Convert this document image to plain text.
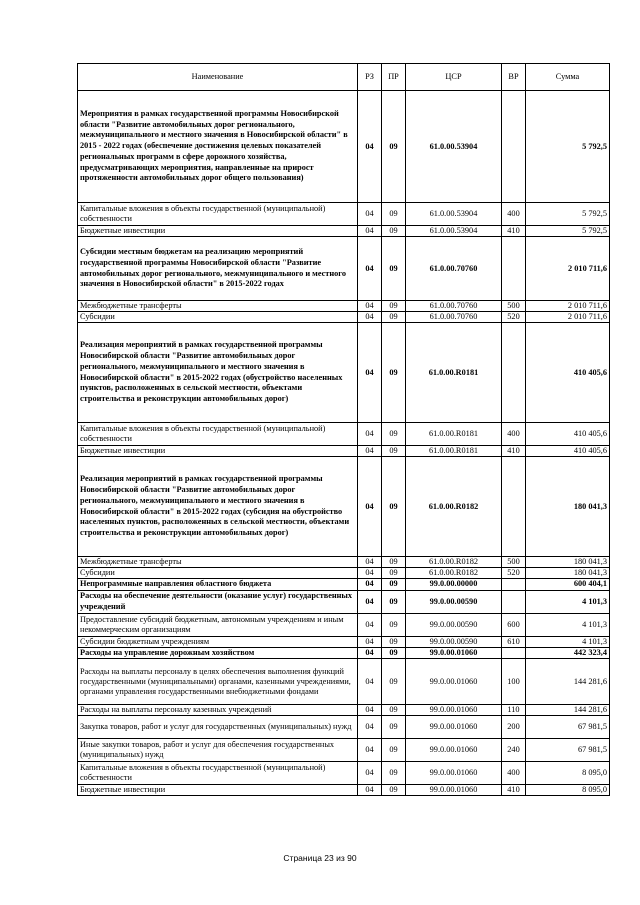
Наименование	РЗ	ПР	ЦСР	ВР	Сумма
Мероприятия в рамках государственной программы Новосибирской области "Развитие автомобильных дорог регионального, межмуниципального и местного значения в Новосибирской области" в 2015 - 2022 годах (обеспечение достижения целевых показателей региональных программ в сфере дорожного хозяйства, предусматривающих мероприятия, направленные на прирост протяженности автомобильных дорог общего пользования)	04	09	61.0.00.53904		5 792,5
Капитальные вложения в объекты государственной (муниципальной) собственности	04	09	61.0.00.53904	400	5 792,5
Бюджетные инвестиции	04	09	61.0.00.53904	410	5 792,5
Субсидии местным бюджетам на реализацию мероприятий государственной программы Новосибирской области "Развитие автомобильных дорог регионального, межмуниципального и местного значения в Новосибирской области" в 2015-2022 годах	04	09	61.0.00.70760		2 010 711,6
Межбюджетные трансферты	04	09	61.0.00.70760	500	2 010 711,6
Субсидии	04	09	61.0.00.70760	520	2 010 711,6
Реализация мероприятий в рамках государственной программы Новосибирской области "Развитие автомобильных дорог регионального, межмуниципального и местного значения в Новосибирской области" в 2015-2022 годах (обустройство населенных пунктов, расположенных в сельской местности, объектами строительства и реконструкции автомобильных дорог)	04	09	61.0.00.R0181		410 405,6
Капитальные вложения в объекты государственной (муниципальной) собственности	04	09	61.0.00.R0181	400	410 405,6
Бюджетные инвестиции	04	09	61.0.00.R0181	410	410 405,6
Реализация мероприятий в рамках государственной программы Новосибирской области "Развитие автомобильных дорог регионального, межмуниципального и местного значения в Новосибирской области" в 2015-2022 годах (субсидия на обустройство населенных пунктов, расположенных в сельской местности, объектами строительства и реконструкции автомобильных дорог)	04	09	61.0.00.R0182		180 041,3
Межбюджетные трансферты	04	09	61.0.00.R0182	500	180 041,3
Субсидии	04	09	61.0.00.R0182	520	180 041,3
Непрограммные направления областного бюджета	04	09	99.0.00.00000		600 404,1
Расходы на обеспечение деятельности (оказание услуг) государственных учреждений	04	09	99.0.00.00590		4 101,3
Предоставление субсидий бюджетным, автономным учреждениям и иным некоммерческим организациям	04	09	99.0.00.00590	600	4 101,3
Субсидии бюджетным учреждениям	04	09	99.0.00.00590	610	4 101,3
Расходы на управление дорожным хозяйством	04	09	99.0.00.01060		442 323,4
Расходы на выплаты персоналу в целях обеспечения выполнения функций государственными (муниципальными) органами, казенными учреждениями, органами управления государственными внебюджетными фондами	04	09	99.0.00.01060	100	144 281,6
Расходы на выплаты персоналу казенных учреждений	04	09	99.0.00.01060	110	144 281,6
Закупка товаров, работ и услуг для государственных (муниципальных) нужд	04	09	99.0.00.01060	200	67 981,5
Иные закупки товаров, работ и услуг для обеспечения государственных (муниципальных) нужд	04	09	99.0.00.01060	240	67 981,5
Капитальные вложения в объекты государственной (муниципальной) собственности	04	09	99.0.00.01060	400	8 095,0
Бюджетные инвестиции	04	09	99.0.00.01060	410	8 095,0
Страница 23 из 90
